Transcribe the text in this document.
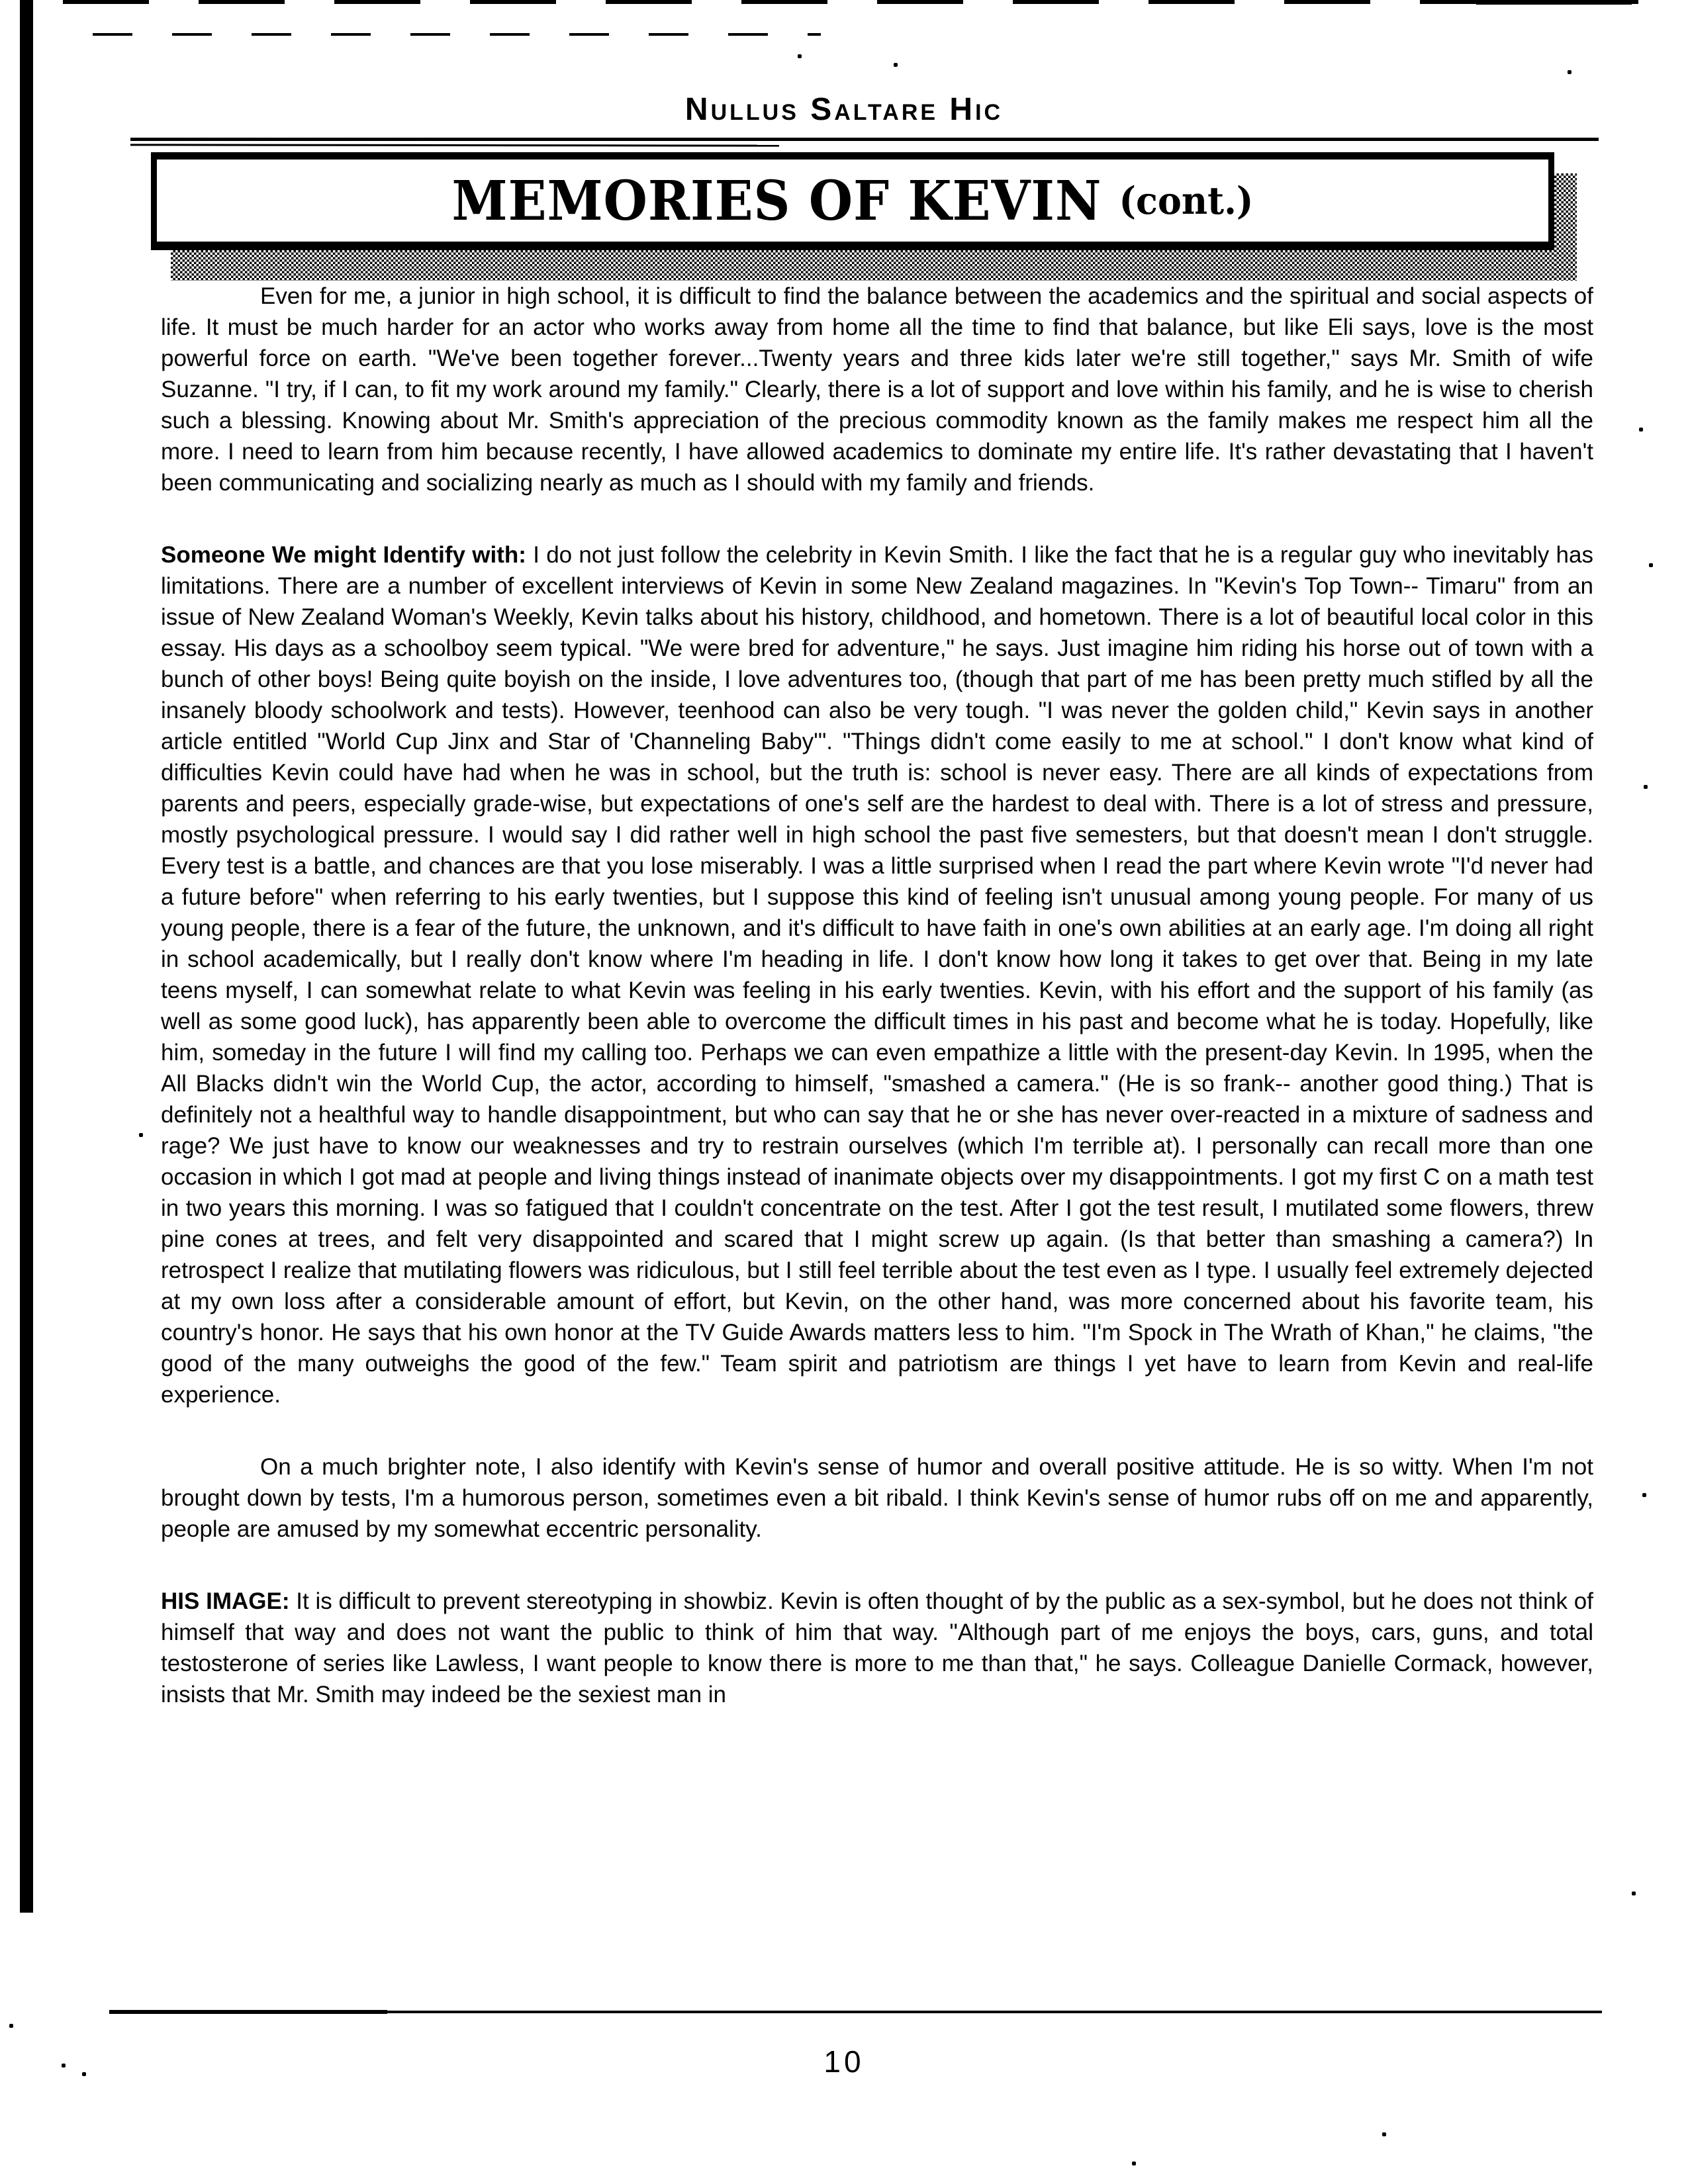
Nullus Saltare Hic
MEMORIES OF KEVIN (cont.)

Even for me, a junior in high school, it is difficult to find the balance between the academics and the spiritual and social aspects of life. It must be much harder for an actor who works away from home all the time to find that balance, but like Eli says, love is the most powerful force on earth. "We've been together forever...Twenty years and three kids later we're still together," says Mr. Smith of wife Suzanne. "I try, if I can, to fit my work around my family." Clearly, there is a lot of support and love within his family, and he is wise to cherish such a blessing. Knowing about Mr. Smith's appreciation of the precious commodity known as the family makes me respect him all the more. I need to learn from him because recently, I have allowed academics to dominate my entire life. It's rather devastating that I haven't been communicating and socializing nearly as much as I should with my family and friends.

Someone We might Identify with: I do not just follow the celebrity in Kevin Smith. I like the fact that he is a regular guy who inevitably has limitations. There are a number of excellent interviews of Kevin in some New Zealand magazines. In "Kevin's Top Town-- Timaru" from an issue of New Zealand Woman's Weekly, Kevin talks about his history, childhood, and hometown. There is a lot of beautiful local color in this essay. His days as a schoolboy seem typical. "We were bred for adventure," he says. Just imagine him riding his horse out of town with a bunch of other boys! Being quite boyish on the inside, I love adventures too, (though that part of me has been pretty much stifled by all the insanely bloody schoolwork and tests). However, teenhood can also be very tough. "I was never the golden child," Kevin says in another article entitled "World Cup Jinx and Star of 'Channeling Baby'". "Things didn't come easily to me at school." I don't know what kind of difficulties Kevin could have had when he was in school, but the truth is: school is never easy. There are all kinds of expectations from parents and peers, especially grade-wise, but expectations of one's self are the hardest to deal with. There is a lot of stress and pressure, mostly psychological pressure. I would say I did rather well in high school the past five semesters, but that doesn't mean I don't struggle. Every test is a battle, and chances are that you lose miserably. I was a little surprised when I read the part where Kevin wrote "I'd never had a future before" when referring to his early twenties, but I suppose this kind of feeling isn't unusual among young people. For many of us young people, there is a fear of the future, the unknown, and it's difficult to have faith in one's own abilities at an early age. I'm doing all right in school academically, but I really don't know where I'm heading in life. I don't know how long it takes to get over that. Being in my late teens myself, I can somewhat relate to what Kevin was feeling in his early twenties. Kevin, with his effort and the support of his family (as well as some good luck), has apparently been able to overcome the difficult times in his past and become what he is today. Hopefully, like him, someday in the future I will find my calling too. Perhaps we can even empathize a little with the present-day Kevin. In 1995, when the All Blacks didn't win the World Cup, the actor, according to himself, "smashed a camera." (He is so frank-- another good thing.) That is definitely not a healthful way to handle disappointment, but who can say that he or she has never over-reacted in a mixture of sadness and rage? We just have to know our weaknesses and try to restrain ourselves (which I'm terrible at). I personally can recall more than one occasion in which I got mad at people and living things instead of inanimate objects over my disappointments. I got my first C on a math test in two years this morning. I was so fatigued that I couldn't concentrate on the test. After I got the test result, I mutilated some flowers, threw pine cones at trees, and felt very disappointed and scared that I might screw up again. (Is that better than smashing a camera?) In retrospect I realize that mutilating flowers was ridiculous, but I still feel terrible about the test even as I type. I usually feel extremely dejected at my own loss after a considerable amount of effort, but Kevin, on the other hand, was more concerned about his favorite team, his country's honor. He says that his own honor at the TV Guide Awards matters less to him. "I'm Spock in The Wrath of Khan," he claims, "the good of the many outweighs the good of the few." Team spirit and patriotism are things I yet have to learn from Kevin and real-life experience.

On a much brighter note, I also identify with Kevin's sense of humor and overall positive attitude. He is so witty. When I'm not brought down by tests, I'm a humorous person, sometimes even a bit ribald. I think Kevin's sense of humor rubs off on me and apparently, people are amused by my somewhat eccentric personality.

HIS IMAGE: It is difficult to prevent stereotyping in showbiz. Kevin is often thought of by the public as a sex-symbol, but he does not think of himself that way and does not want the public to think of him that way. "Although part of me enjoys the boys, cars, guns, and total testosterone of series like Lawless, I want people to know there is more to me than that," he says. Colleague Danielle Cormack, however, insists that Mr. Smith may indeed be the sexiest man in

10
